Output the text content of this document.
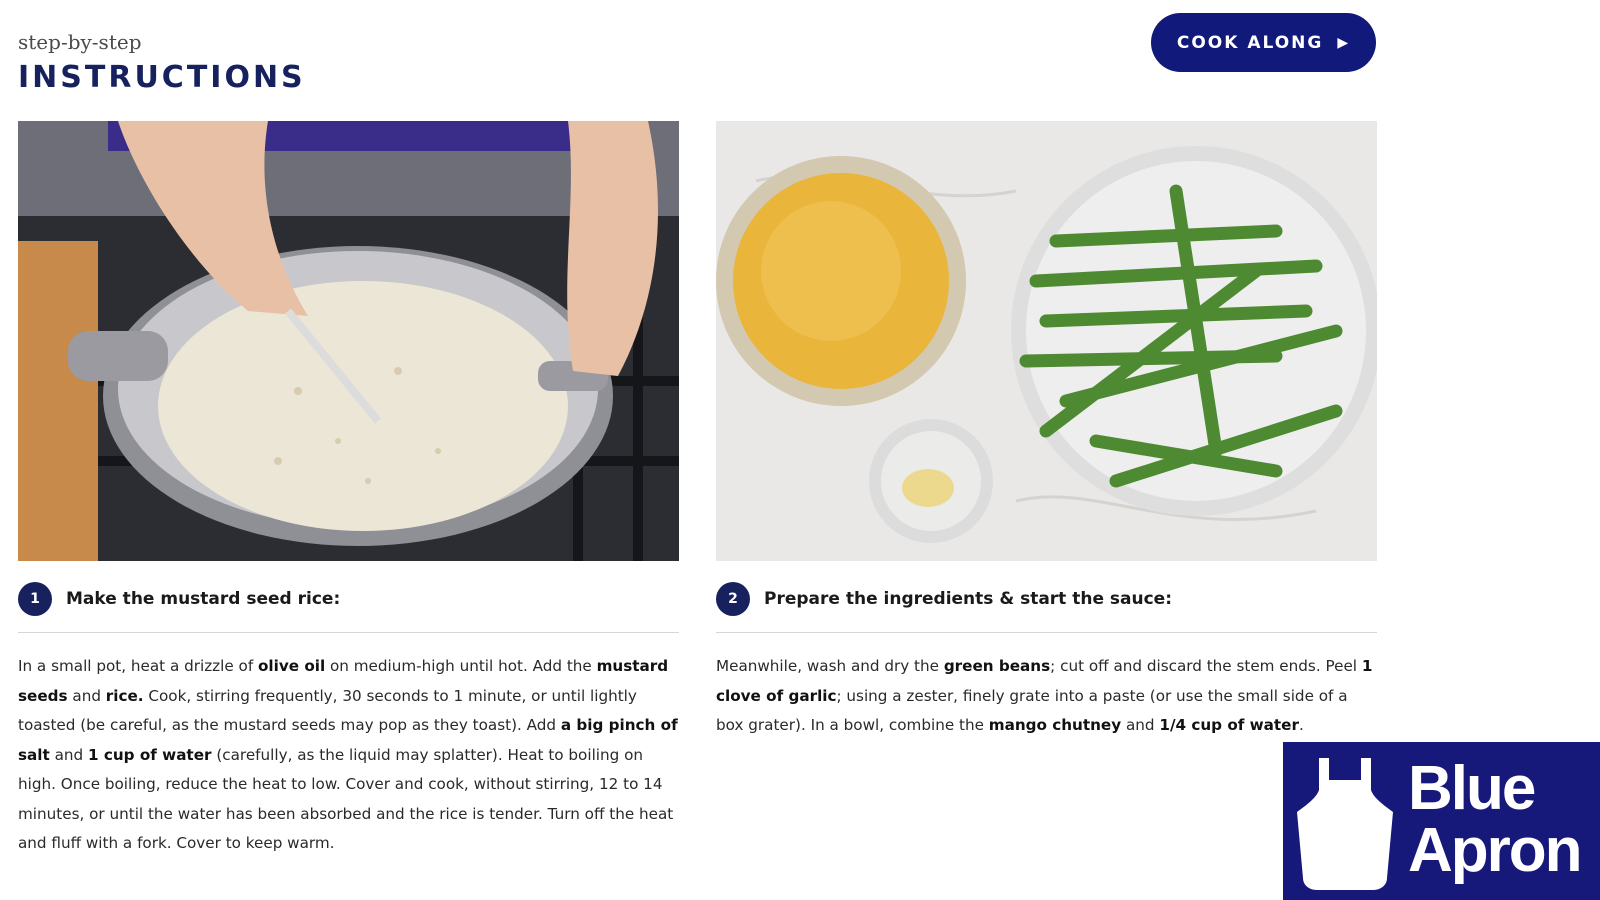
step-by-step
INSTRUCTIONS
COOK ALONG ▶
1	Make the mustard seed rice:
In a small pot, heat a drizzle of olive oil on medium-high until hot. Add the mustard seeds and rice. Cook, stirring frequently, 30 seconds to 1 minute, or until lightly toasted (be careful, as the mustard seeds may pop as they toast). Add a big pinch of salt and 1 cup of water (carefully, as the liquid may splatter). Heat to boiling on high. Once boiling, reduce the heat to low. Cover and cook, without stirring, 12 to 14 minutes, or until the water has been absorbed and the rice is tender. Turn off the heat and fluff with a fork. Cover to keep warm.
2	Prepare the ingredients & start the sauce:
Meanwhile, wash and dry the green beans; cut off and discard the stem ends. Peel 1 clove of garlic; using a zester, finely grate into a paste (or use the small side of a box grater). In a bowl, combine the mango chutney and 1/4 cup of water.
Blue
Apron
